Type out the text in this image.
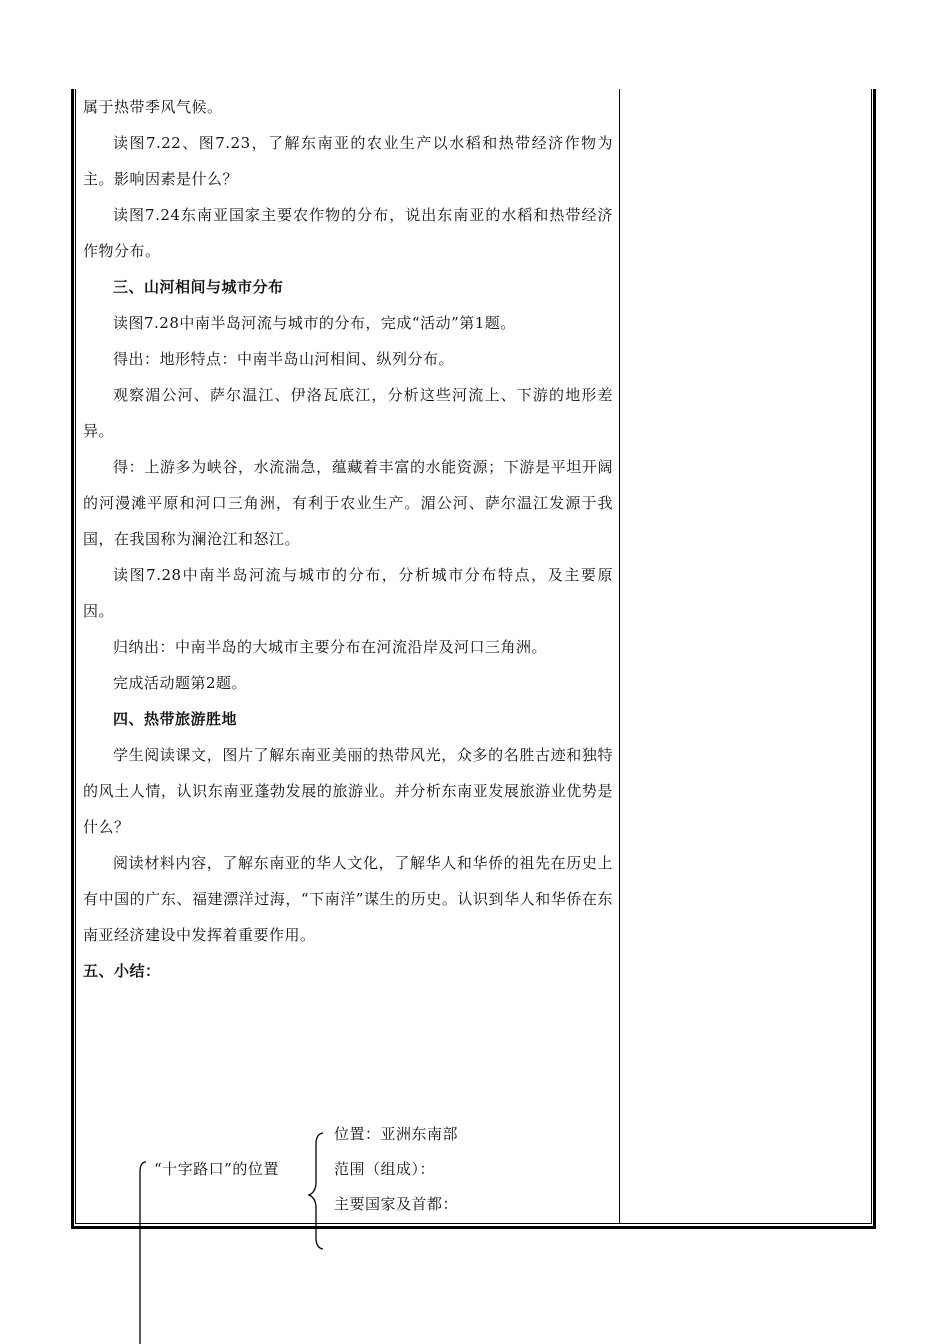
属于热带季风气候。

读图7.22、图7.23，了解东南亚的农业生产以水稻和热带经济作物为主。影响因素是什么？

读图7.24东南亚国家主要农作物的分布，说出东南亚的水稻和热带经济作物分布。

三、山河相间与城市分布

读图7.28中南半岛河流与城市的分布，完成“活动”第1题。

得出：地形特点：中南半岛山河相间、纵列分布。

观察湄公河、萨尔温江、伊洛瓦底江，分析这些河流上、下游的地形差异。

得：上游多为峡谷，水流湍急，蕴藏着丰富的水能资源；下游是平坦开阔的河漫滩平原和河口三角洲，有利于农业生产。湄公河、萨尔温江发源于我国，在我国称为澜沧江和怒江。

读图7.28中南半岛河流与城市的分布，分析城市分布特点，及主要原因。

归纳出：中南半岛的大城市主要分布在河流沿岸及河口三角洲。

完成活动题第2题。

四、热带旅游胜地

学生阅读课文，图片了解东南亚美丽的热带风光，众多的名胜古迹和独特的风土人情，认识东南亚蓬勃发展的旅游业。并分析东南亚发展旅游业优势是什么？

阅读材料内容，了解东南亚的华人文化，了解华人和华侨的祖先在历史上有中国的广东、福建漂洋过海，“下南洋”谋生的历史。认识到华人和华侨在东南亚经济建设中发挥着重要作用。

五、小结：

“十字路口”的位置
位置：亚洲东南部
范围（组成）：
主要国家及首都：
